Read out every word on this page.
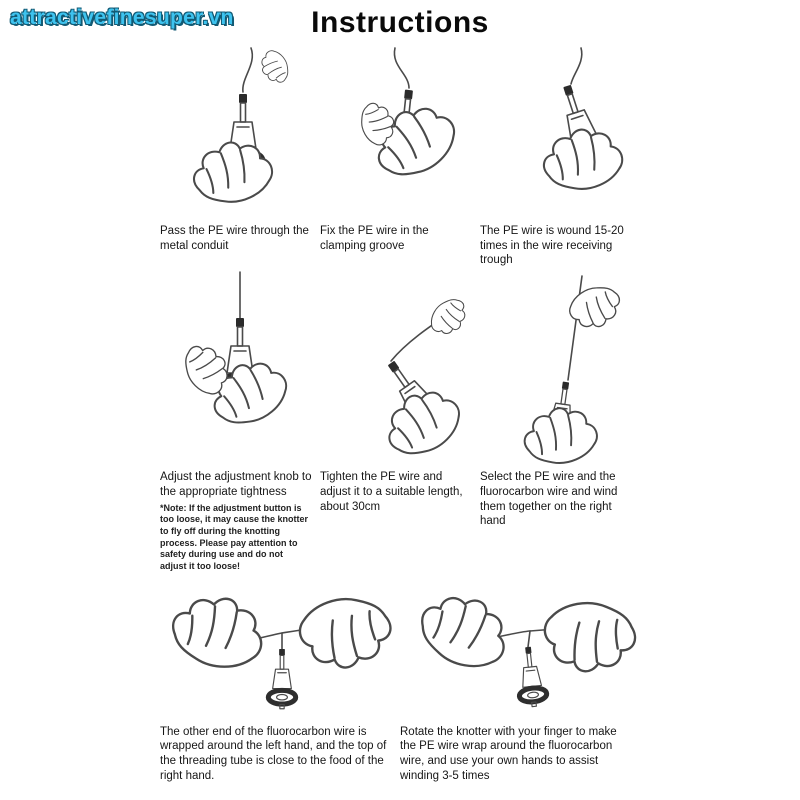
attractivefinesuper.vn	Instructions
Pass the PE wire through the metal conduit
Fix the PE wire in the clamping groove
The PE wire is wound 15-20 times in the wire receiving trough
Adjust the adjustment knob to the appropriate tightness
*Note: If the adjustment button is too loose, it may cause the knotter to fly off during the knotting process. Please pay attention to safety during use and do not adjust it too loose!
Tighten the PE wire and adjust it to a suitable length, about 30cm
Select the PE wire and the fluorocarbon wire and wind them together on the right hand
The other end of the fluorocarbon wire is wrapped around the left hand, and the top of the threading tube is close to the food of the right hand.
Rotate the knotter with your finger to make the PE wire wrap around the fluorocarbon wire, and use your own hands to assist winding 3-5 times
